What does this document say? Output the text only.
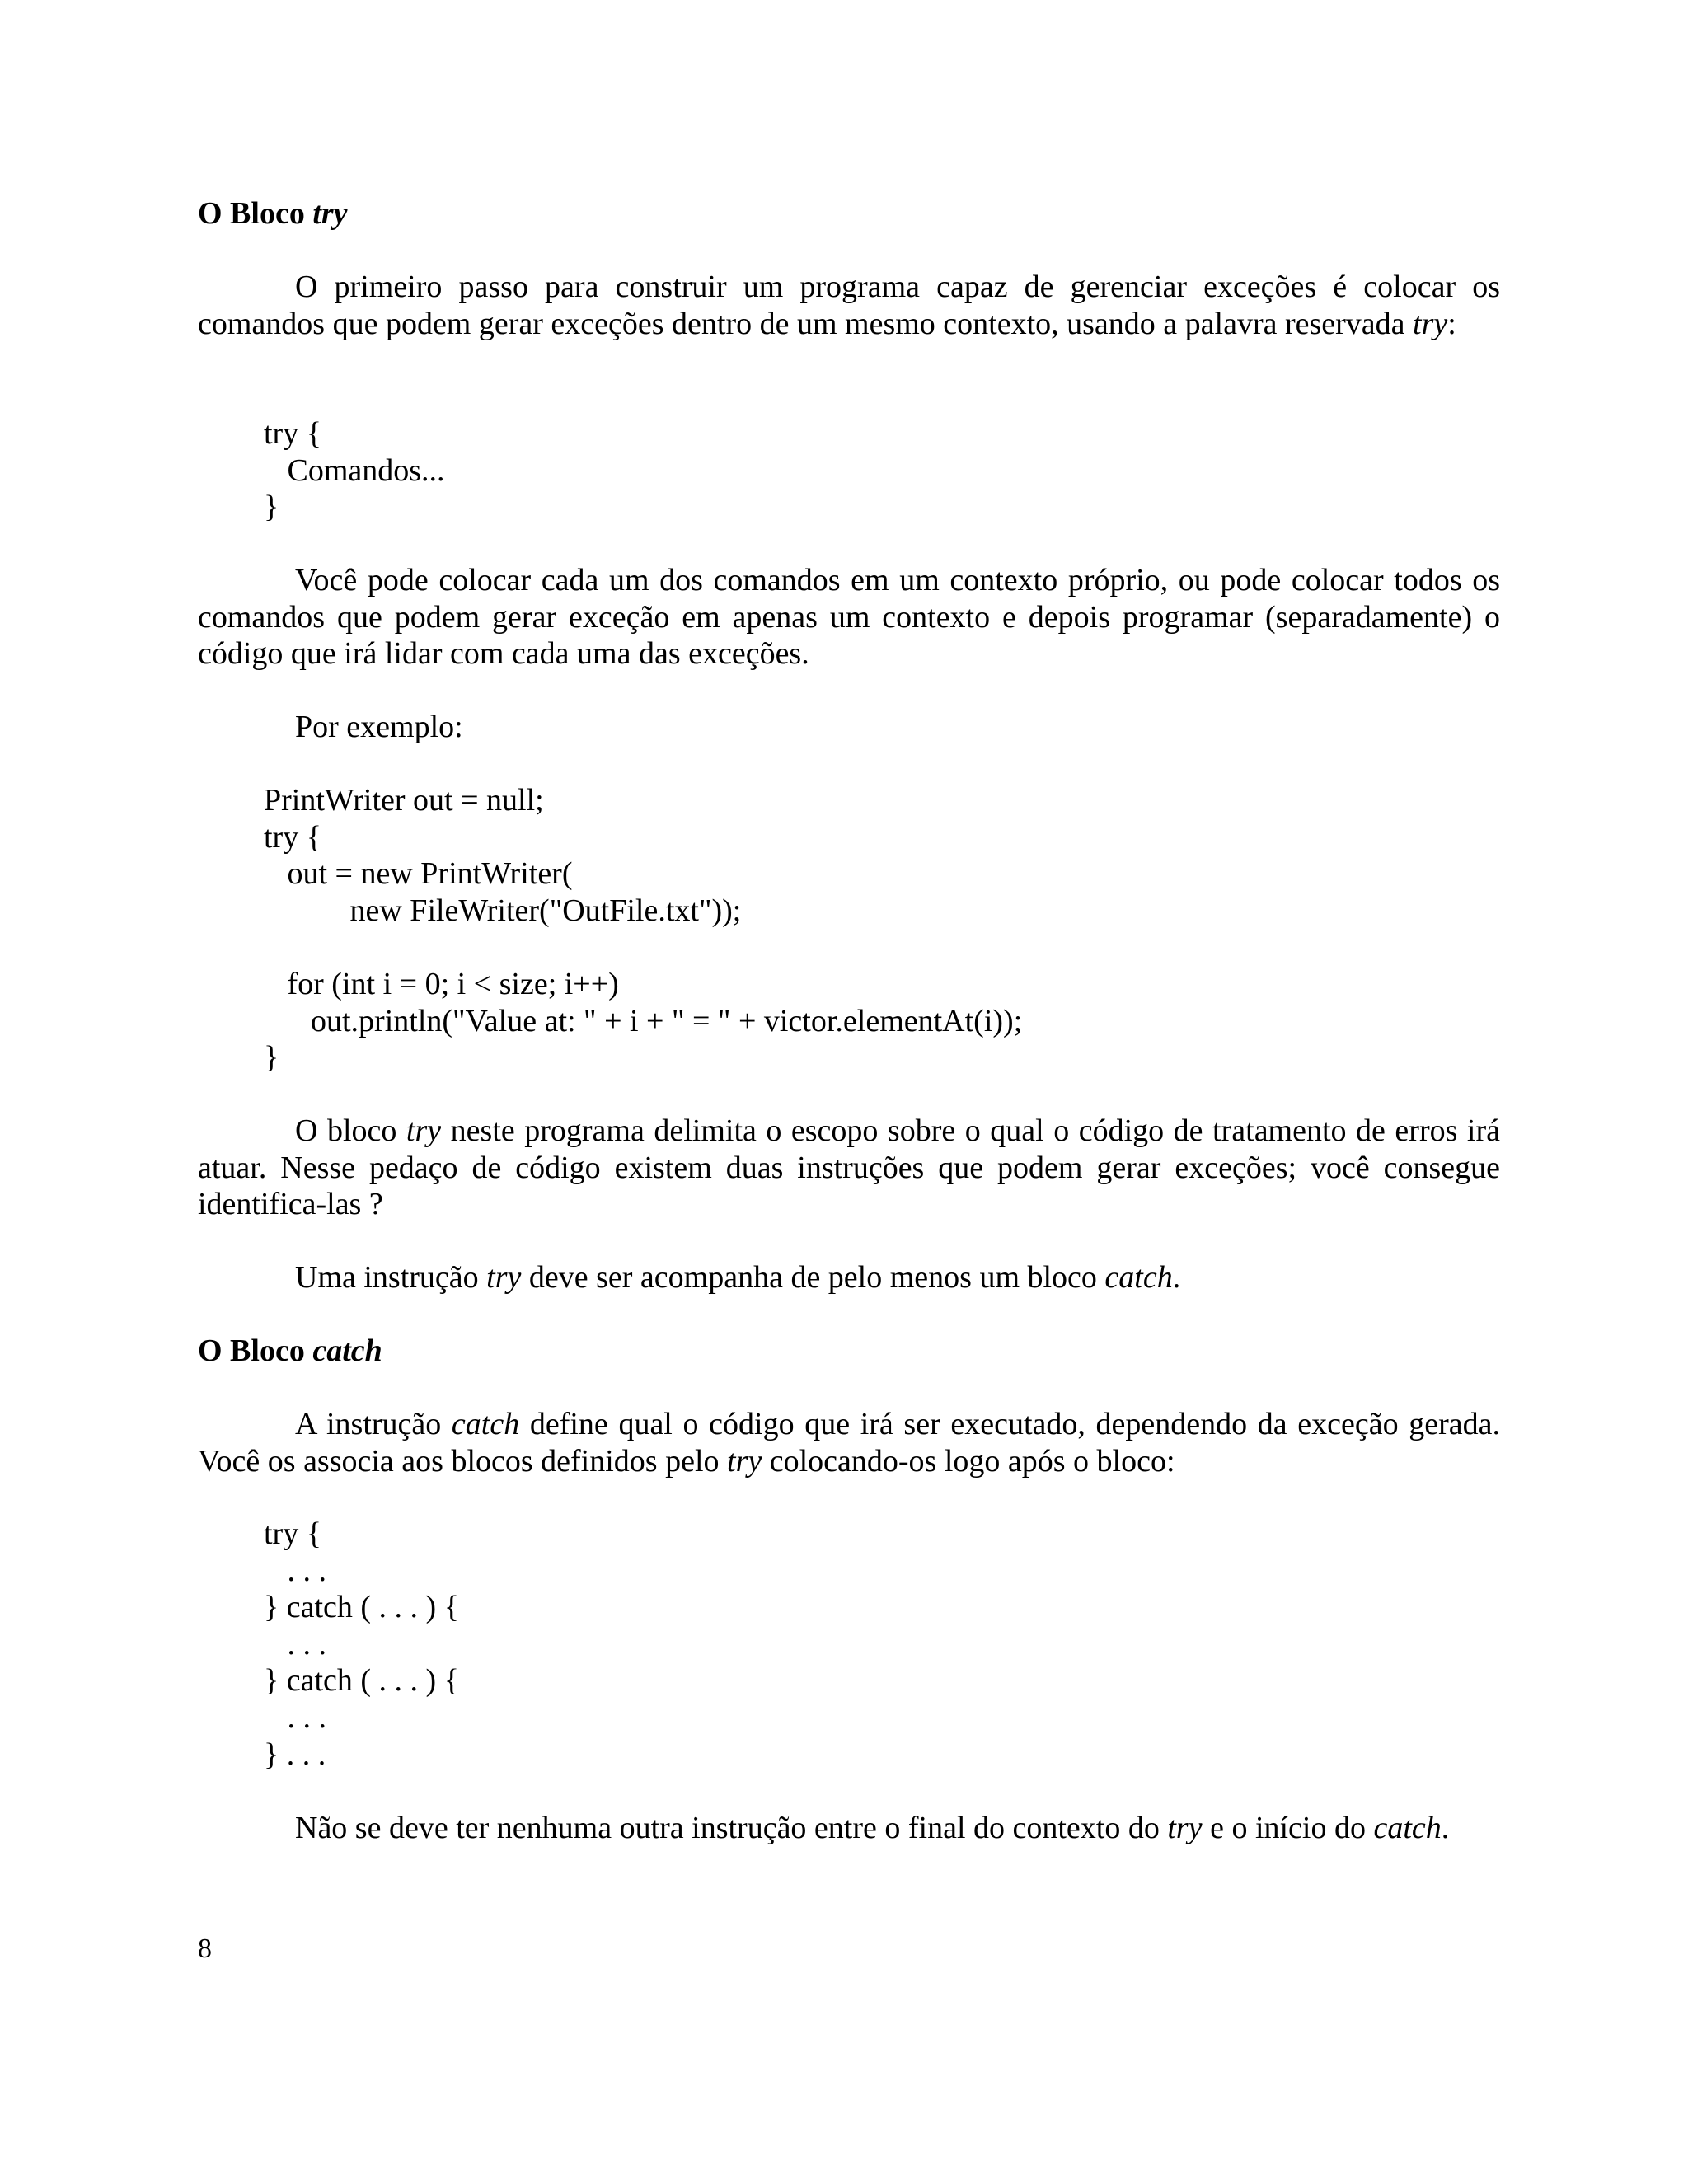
O Bloco try

O primeiro passo para construir um programa capaz de gerenciar exceções é colocar os comandos que podem gerar exceções dentro de um mesmo contexto, usando a palavra reservada try:

try {
Comandos...
}

Você pode colocar cada um dos comandos em um contexto próprio, ou pode colocar todos os comandos que podem gerar exceção em apenas um contexto e depois programar (separadamente) o código que irá lidar com cada uma das exceções.

Por exemplo:

PrintWriter out = null;
try {
out = new PrintWriter(
new FileWriter("OutFile.txt"));

for (int i = 0; i < size; i++)
out.println("Value at: " + i + " = " + victor.elementAt(i));
}

O bloco try neste programa delimita o escopo sobre o qual o código de tratamento de erros irá atuar. Nesse pedaço de código existem duas instruções que podem gerar exceções; você consegue identifica-las ?

Uma instrução try deve ser acompanha de pelo menos um bloco catch.

O Bloco catch

A instrução catch define qual o código que irá ser executado, dependendo da exceção gerada. Você os associa aos blocos definidos pelo try colocando-os logo após o bloco:

try {
. . .
} catch ( . . . ) {
. . .
} catch ( . . . ) {
. . .
} . . .

Não se deve ter nenhuma outra instrução entre o final do contexto do try e o início do catch.

8
